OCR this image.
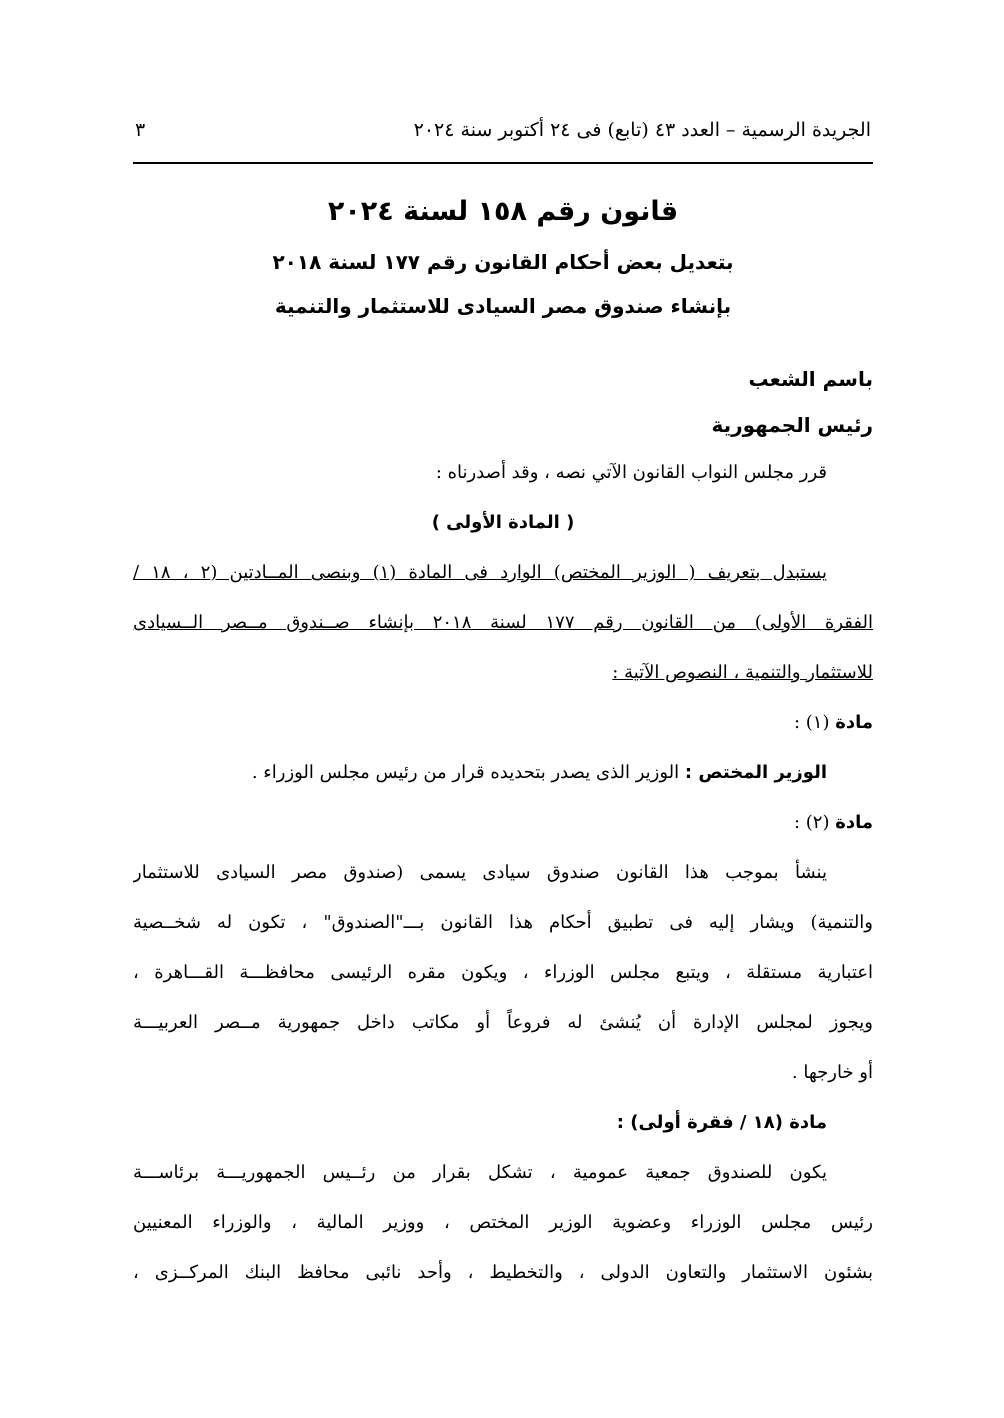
الجريدة الرسمية – العدد ٤٣ (تابع) فى ٢٤ أكتوبر سنة ٢٠٢٤
٣
قانون رقم ١٥٨ لسنة ٢٠٢٤
بتعديل بعض أحكام القانون رقم ١٧٧ لسنة ٢٠١٨
بإنشاء صندوق مصر السيادى للاستثمار والتنمية
باسم الشعب
رئيس الجمهورية
قرر مجلس النواب القانون الآتي نصه ، وقد أصدرناه :
( المادة الأولى )
يستبدل بتعريف ( الوزير المختص) الوارد فى المادة (١) وبنصى المــادتين (٢ ، ١٨ /
الفقرة الأولى) من القانون رقم ١٧٧ لسنة ٢٠١٨ بإنشاء صــندوق مــصر الــسيادى
للاستثمار والتنمية ، النصوص الآتية :
مادة (١) :
الوزير المختص : الوزير الذى يصدر بتحديده قرار من رئيس مجلس الوزراء .
مادة (٢) :
ينشأ بموجب هذا القانون صندوق سيادى يسمى (صندوق مصر السيادى للاستثمار
والتنمية) ويشار إليه فى تطبيق أحكام هذا القانون بـــ"الصندوق" ، تكون له شخــصية
اعتبارية مستقلة ، ويتبع مجلس الوزراء ، ويكون مقره الرئيسى محافظـــة القـــاهرة ،
ويجوز لمجلس الإدارة أن يُنشئ له فروعاً أو مكاتب داخل جمهورية مــصر العربيـــة
أو خارجها .
مادة (١٨ / فقرة أولى) :
يكون للصندوق جمعية عمومية ، تشكل بقرار من رئــيس الجمهوريـــة برئاســـة
رئيس مجلس الوزراء وعضوية الوزير المختص ، ووزير المالية ، والوزراء المعنيين
بشئون الاستثمار والتعاون الدولى ، والتخطيط ، وأحد نائبى محافظ البنك المركــزى ،
